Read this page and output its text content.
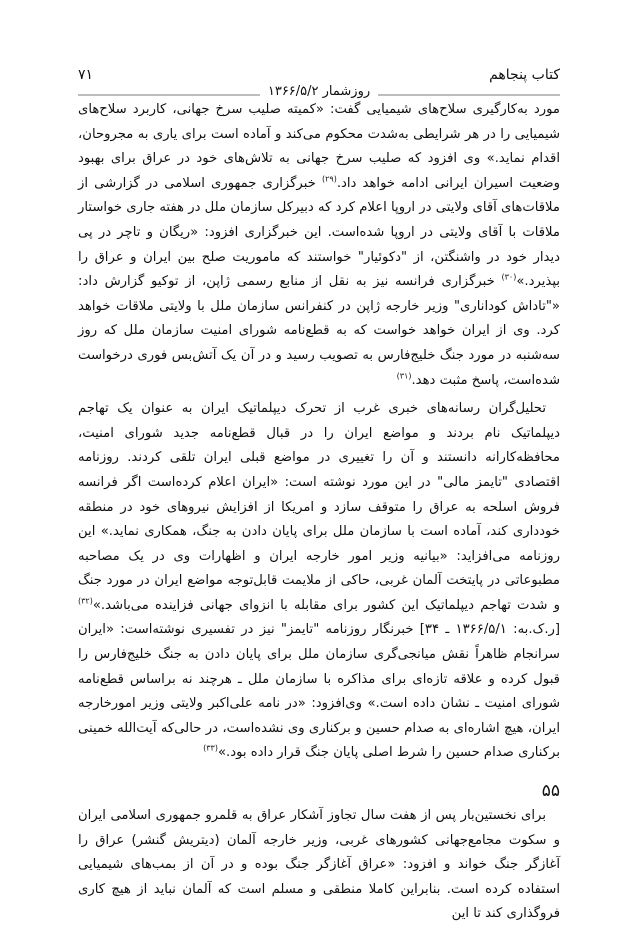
کتاب پنجاهم
روزشمار ۱۳۶۶/۵/۲
۷۱

مورد به‌کارگیری سلاح‌های شیمیایی گفت: «کمیته صلیب سرخ جهانی، کاربرد سلاح‌های شیمیایی را در هر شرایطی به‌شدت محکوم می‌کند و آماده است برای یاری به مجروحان، اقدام نماید.» وی افزود که صلیب سرخ جهانی به تلاش‌های خود در عراق برای بهبود وضعیت اسیران ایرانی ادامه خواهد داد.$^{(۲۹)}$ خبرگزاری جمهوری اسلامی در گزارشی از ملاقات‌های آقای ولایتی در اروپا اعلام کرد که دبیرکل سازمان ملل در هفته جاری خواستار ملاقات با آقای ولایتی در اروپا شده‌است. این خبرگزاری افزود: «ریگان و تاچر در پی دیدار خود در واشنگتن، از "دکوئیار" خواستند که ماموریت صلح بین ایران و عراق را بپذیرد.»$^{(۳۰)}$ خبرگزاری فرانسه نیز به نقل از منابع رسمی ژاپن، از توکیو گزارش داد: «"تاداش کوداناری" وزیر خارجه ژاپن در کنفرانس سازمان ملل با ولایتی ملاقات خواهد کرد. وی از ایران خواهد خواست که به قطع‌نامه شورای امنیت سازمان ملل که روز سه‌شنبه در مورد جنگ خلیج‌فارس به تصویب رسید و در آن یک آتش‌بس فوری درخواست شده‌است، پاسخ مثبت دهد.$^{(۳۱)}$

تحلیل‌گران رسانه‌های خبری غرب از تحرک دیپلماتیک ایران به عنوان یک تهاجم دیپلماتیک نام بردند و مواضع ایران را در قبال قطع‌نامه جدید شورای امنیت، محافظه‌کارانه دانستند و آن را تغییری در مواضع قبلی ایران تلقی کردند. روزنامه اقتصادی "تایمز مالی" در این مورد نوشته است: «ایران اعلام کرده‌است اگر فرانسه فروش اسلحه به عراق را متوقف سازد و امریکا از افزایش نیروهای خود در منطقه خودداری کند، آماده است با سازمان ملل برای پایان دادن به جنگ، همکاری نماید.» این روزنامه می‌افزاید: «بیانیه وزیر امور خارجه ایران و اظهارات وی در یک مصاحبه مطبوعاتی در پایتخت آلمان غربی، حاکی از ملایمت قابل‌توجه مواضع ایران در مورد جنگ و شدت تهاجم دیپلماتیک این کشور برای مقابله با انزوای جهانی فزاینده می‌باشد.»$^{(۳۲)}$ [ر.ک.به: ۱۳۶۶/۵/۱ ـ ۳۴] خبرنگار روزنامه "تایمز" نیز در تفسیری نوشته‌است: «ایران سرانجام ظاهراً نقش میانجی‌گری سازمان ملل برای پایان دادن به جنگ خلیج‌فارس را قبول کرده و علاقه تازه‌ای برای مذاکره با سازمان ملل ـ هرچند نه براساس قطع‌نامه شورای امنیت ـ نشان داده است.» وی‌افزود: «در نامه علی‌اکبر ولایتی وزیر امورخارجه ایران، هیچ اشاره‌ای به صدام حسین و برکناری وی نشده‌است، در حالی‌که آیت‌الله خمینی برکناری صدام حسین را شرط اصلی پایان جنگ قرار داده بود.»$^{(۳۳)}$

۵۵

برای نخستین‌بار پس از هفت سال تجاوز آشکار عراق به قلمرو جمهوری اسلامی ایران و سکوت مجامع‌جهانی کشورهای غربی، وزیر خارجه آلمان (دیتریش گنشر) عراق را آغازگر جنگ خواند و افزود: «عراق آغازگر جنگ بوده و در آن از بمب‌های شیمیایی استفاده کرده است. بنابراین کاملا منطقی و مسلم است که آلمان نباید از هیچ کاری فروگذاری کند تا این
